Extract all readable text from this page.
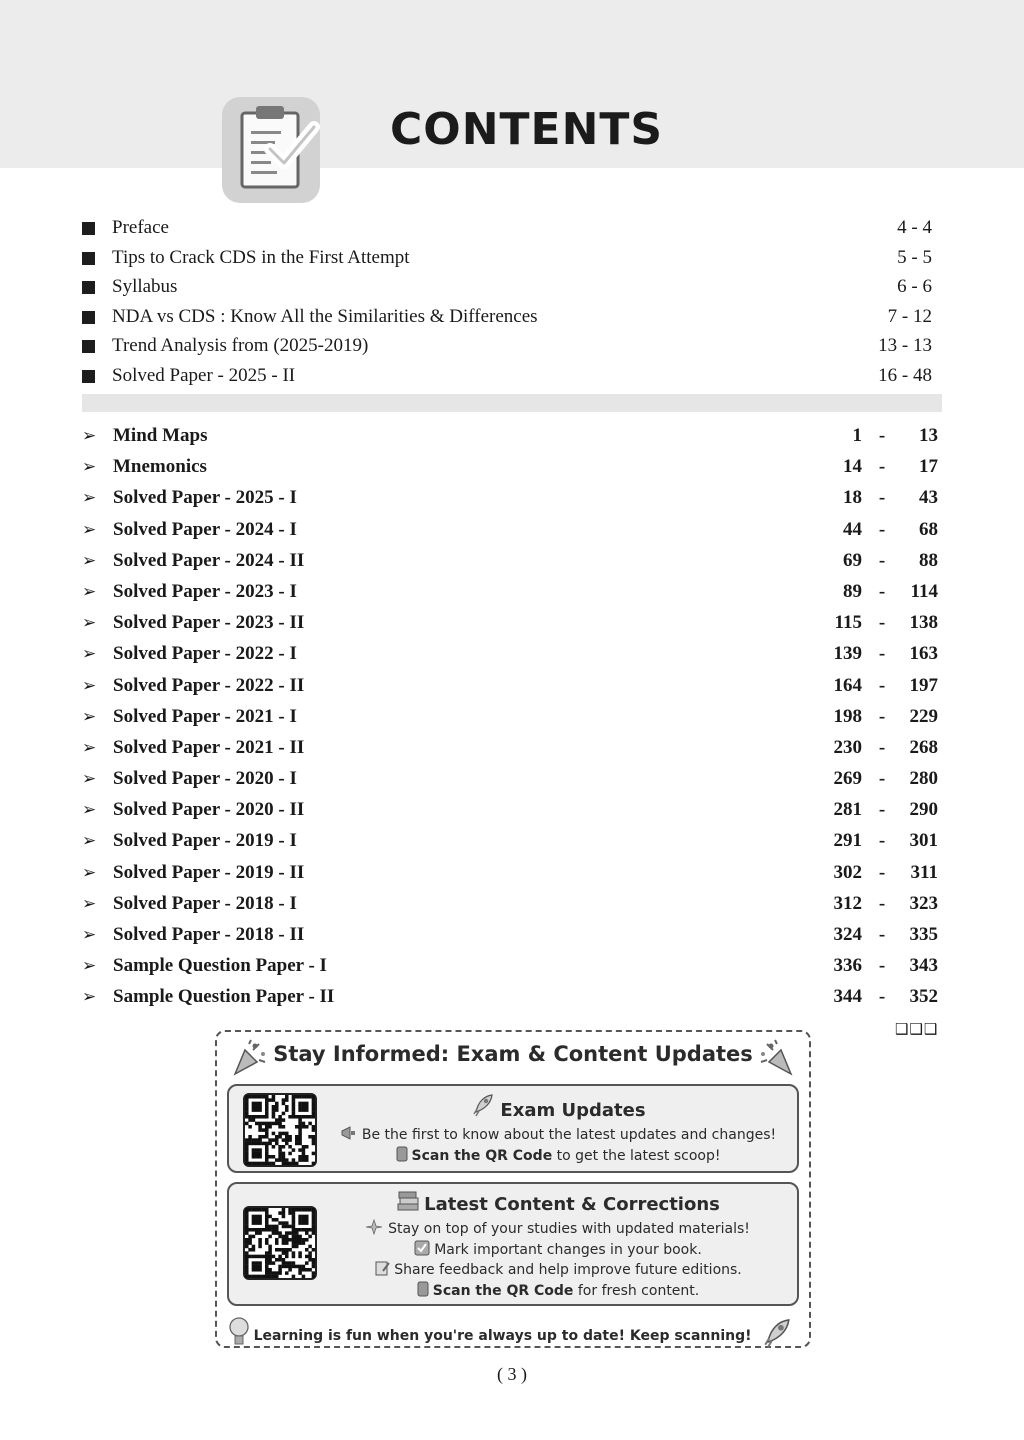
CONTENTS
Preface	4 - 4
Tips to Crack CDS in the First Attempt	5 - 5
Syllabus	6 - 6
NDA vs CDS : Know All the Similarities & Differences	7 - 12
Trend Analysis from (2025-2019)	13 - 13
Solved Paper - 2025 - II	16 - 48
➢ Mind Maps	1 - 13
➢ Mnemonics	14 - 17
➢ Solved Paper - 2025 - I	18 - 43
➢ Solved Paper - 2024 - I	44 - 68
➢ Solved Paper - 2024 - II	69 - 88
➢ Solved Paper - 2023 - I	89 - 114
➢ Solved Paper - 2023 - II	115 - 138
➢ Solved Paper - 2022 - I	139 - 163
➢ Solved Paper - 2022 - II	164 - 197
➢ Solved Paper - 2021 - I	198 - 229
➢ Solved Paper - 2021 - II	230 - 268
➢ Solved Paper - 2020 - I	269 - 280
➢ Solved Paper - 2020 - II	281 - 290
➢ Solved Paper - 2019 - I	291 - 301
➢ Solved Paper - 2019 - II	302 - 311
➢ Solved Paper - 2018 - I	312 - 323
➢ Solved Paper - 2018 - II	324 - 335
➢ Sample Question Paper - I	336 - 343
➢ Sample Question Paper - II	344 - 352
❑❑❑
Stay Informed: Exam & Content Updates
Exam Updates
Be the first to know about the latest updates and changes!
Scan the QR Code to get the latest scoop!
Latest Content & Corrections
Stay on top of your studies with updated materials!
Mark important changes in your book.
Share feedback and help improve future editions.
Scan the QR Code for fresh content.
Learning is fun when you're always up to date! Keep scanning!
( 3 )
